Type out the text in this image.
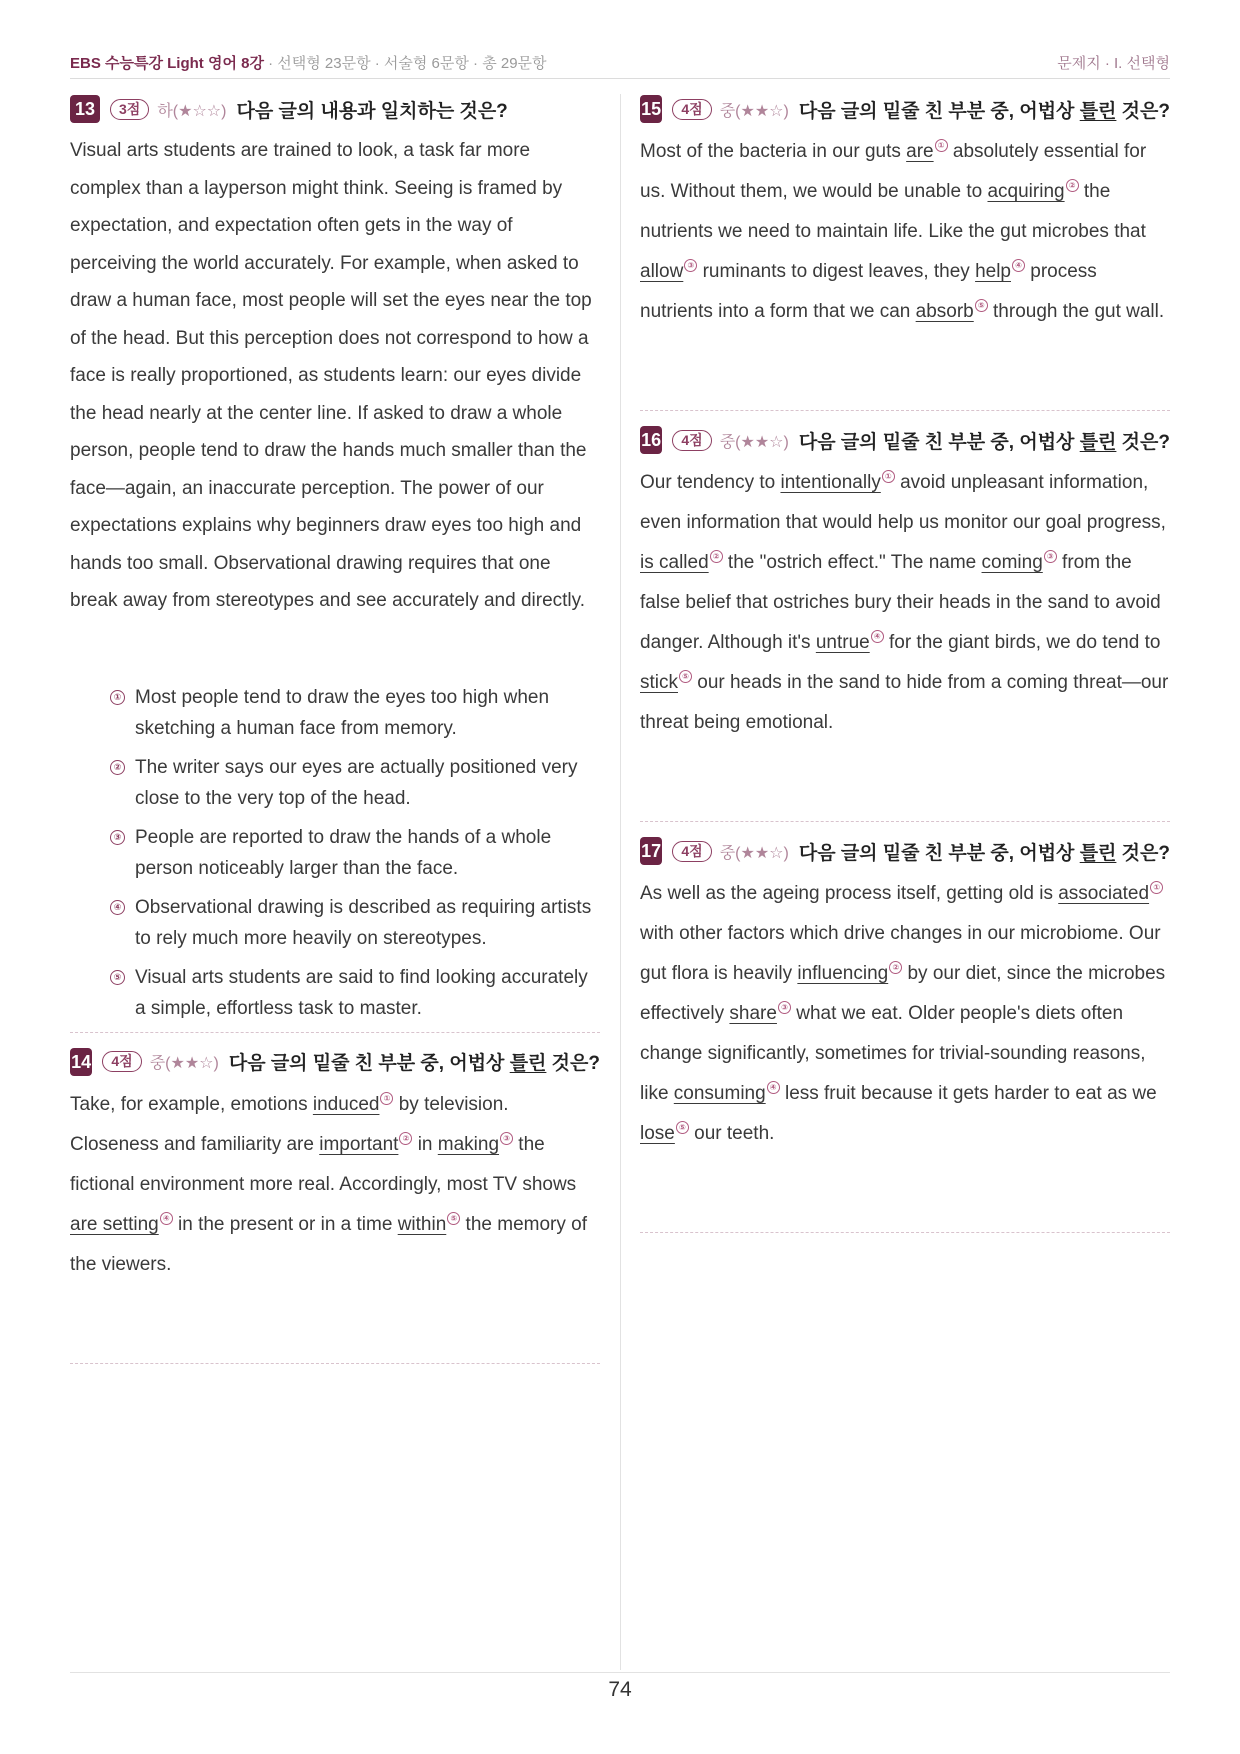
EBS 수능특강 Light 영어 8강 · 선택형 23문항 · 서술형 6문항 · 총 29문항	문제지 · I. 선택형
13	3점	하(★☆☆) 다음 글의 내용과 일치하는 것은?
Visual arts students are trained to look, a task far more complex than a layperson might think. Seeing is framed by expectation, and expectation often gets in the way of perceiving the world accurately. For example, when asked to draw a human face, most people will set the eyes near the top of the head. But this perception does not correspond to how a face is really proportioned, as students learn: our eyes divide the head nearly at the center line. If asked to draw a whole person, people tend to draw the hands much smaller than the face—again, an inaccurate perception. The power of our expectations explains why beginners draw eyes too high and hands too small. Observational drawing requires that one break away from stereotypes and see accurately and directly.
① Most people tend to draw the eyes too high when sketching a human face from memory.
② The writer says our eyes are actually positioned very close to the very top of the head.
③ People are reported to draw the hands of a whole person noticeably larger than the face.
④ Observational drawing is described as requiring artists to rely much more heavily on stereotypes.
⑤ Visual arts students are said to find looking accurately a simple, effortless task to master.
14	4점	중(★★☆) 다음 글의 밑줄 친 부분 중, 어법상 틀린 것은?
Take, for example, emotions induced ① by television. Closeness and familiarity are important ② in making ③ the fictional environment more real. Accordingly, most TV shows are setting ④ in the present or in a time within ⑤ the memory of the viewers.
15	4점	중(★★☆) 다음 글의 밑줄 친 부분 중, 어법상 틀린 것은?
Most of the bacteria in our guts are ① absolutely essential for us. Without them, we would be unable to acquiring ② the nutrients we need to maintain life. Like the gut microbes that allow ③ ruminants to digest leaves, they help ④ process nutrients into a form that we can absorb ⑤ through the gut wall.
16	4점	중(★★☆) 다음 글의 밑줄 친 부분 중, 어법상 틀린 것은?
Our tendency to intentionally ① avoid unpleasant information, even information that would help us monitor our goal progress, is called ② the "ostrich effect." The name coming ③ from the false belief that ostriches bury their heads in the sand to avoid danger. Although it's untrue ④ for the giant birds, we do tend to stick ⑤ our heads in the sand to hide from a coming threat—our threat being emotional.
17	4점	중(★★☆) 다음 글의 밑줄 친 부분 중, 어법상 틀린 것은?
As well as the ageing process itself, getting old is associated ① with other factors which drive changes in our microbiome. Our gut flora is heavily influencing ② by our diet, since the microbes effectively share ③ what we eat. Older people's diets often change significantly, sometimes for trivial-sounding reasons, like consuming ④ less fruit because it gets harder to eat as we lose ⑤ our teeth.
74
